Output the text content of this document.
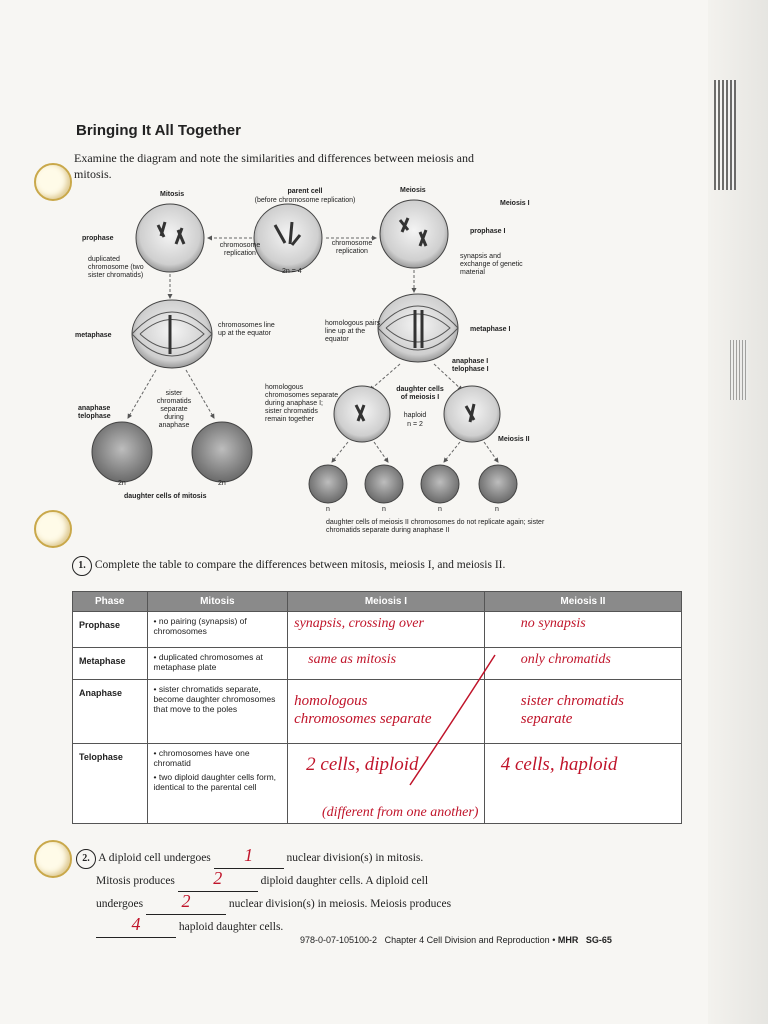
Bringing It All Together
Examine the diagram and note the similarities and differences between meiosis and mitosis.
Mitosis	parent cell
(before chromosome replication)
Meiosis
Meiosis I
prophase
prophase I
chromosome replication
chromosome replication
2n = 4
duplicated chromosome (two sister chromatids)
synapsis and exchange of genetic material
metaphase
metaphase I
chromosomes line up at the equator
homologous pairs line up at the equator
anaphase I telophase I
homologous chromosomes separate during anaphase I; sister chromatids remain together
daughter cells of meiosis I
haploid
n = 2
anaphase telophase
sister chromatids separate during anaphase
Meiosis II
2n	2n
n	n	n	n
daughter cells of mitosis
daughter cells of meiosis II chromosomes do not replicate again; sister chromatids separate during anaphase II
1. Complete the table to compare the differences between mitosis, meiosis I, and meiosis II.
Phase	Mitosis	Meiosis I	Meiosis II
Prophase	• no pairing (synapsis) of chromosomes	synapsis, crossing over	no synapsis
Metaphase	• duplicated chromosomes at metaphase plate	same as mitosis	only chromatids
Anaphase	• sister chromatids separate, become daughter chromosomes that move to the poles	homologous chromosomes separate	sister chromatids separate

Telophase	• chromosomes have one chromatid
• two diploid daughter cells form, identical to the parental cell	2 cells, diploid	4 cells, haploid
(different from one another)
2. A diploid cell undergoes 1	nuclear division(s) in mitosis.
Mitosis produces 2	diploid daughter cells. A diploid cell
undergoes 2	nuclear division(s) in meiosis. Meiosis produces
4	haploid daughter cells.
978-0-07-105100-2 Chapter 4 Cell Division and Reproduction • MHR SG-65
